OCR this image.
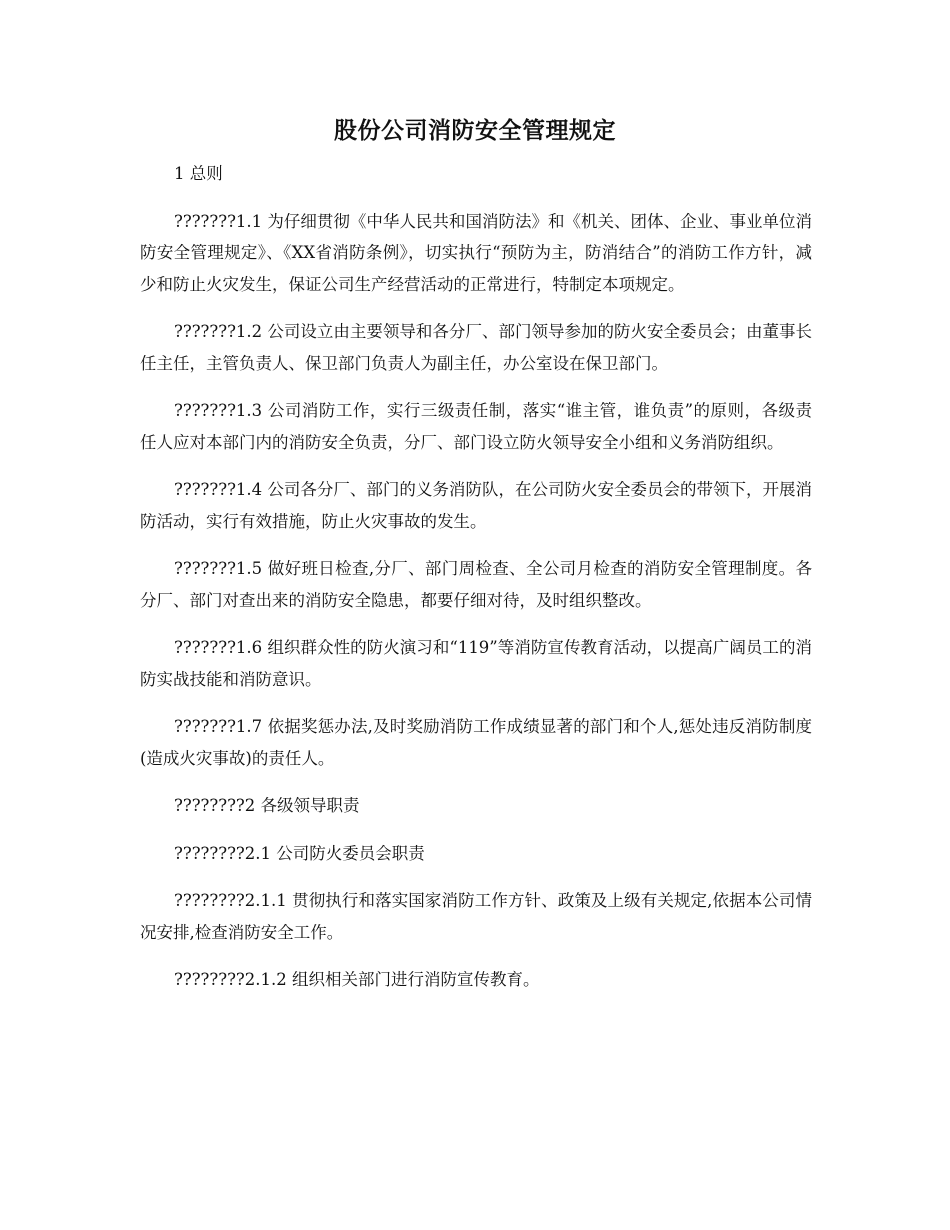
股份公司消防安全管理规定

1 总则

???????1.1 为仔细贯彻《中华人民共和国消防法》和《机关、团体、企业、事业单位消防安全管理规定》、《XX省消防条例》，切实执行“预防为主，防消结合”的消防工作方针，减少和防止火灾发生，保证公司生产经营活动的正常进行，特制定本项规定。

???????1.2 公司设立由主要领导和各分厂、部门领导参加的防火安全委员会；由董事长任主任，主管负责人、保卫部门负责人为副主任，办公室设在保卫部门。

???????1.3 公司消防工作，实行三级责任制，落实“谁主管，谁负责”的原则，各级责任人应对本部门内的消防安全负责，分厂、部门设立防火领导安全小组和义务消防组织。

???????1.4 公司各分厂、部门的义务消防队，在公司防火安全委员会的带领下，开展消防活动，实行有效措施，防止火灾事故的发生。

???????1.5 做好班日检查,分厂、部门周检查、全公司月检查的消防安全管理制度。各分厂、部门对查出来的消防安全隐患，都要仔细对待，及时组织整改。

???????1.6 组织群众性的防火演习和“119”等消防宣传教育活动，以提高广阔员工的消防实战技能和消防意识。

???????1.7 依据奖惩办法,及时奖励消防工作成绩显著的部门和个人,惩处违反消防制度(造成火灾事故)的责任人。

????????2 各级领导职责

????????2.1 公司防火委员会职责

????????2.1.1 贯彻执行和落实国家消防工作方针、政策及上级有关规定,依据本公司情况安排,检查消防安全工作。

????????2.1.2 组织相关部门进行消防宣传教育。
